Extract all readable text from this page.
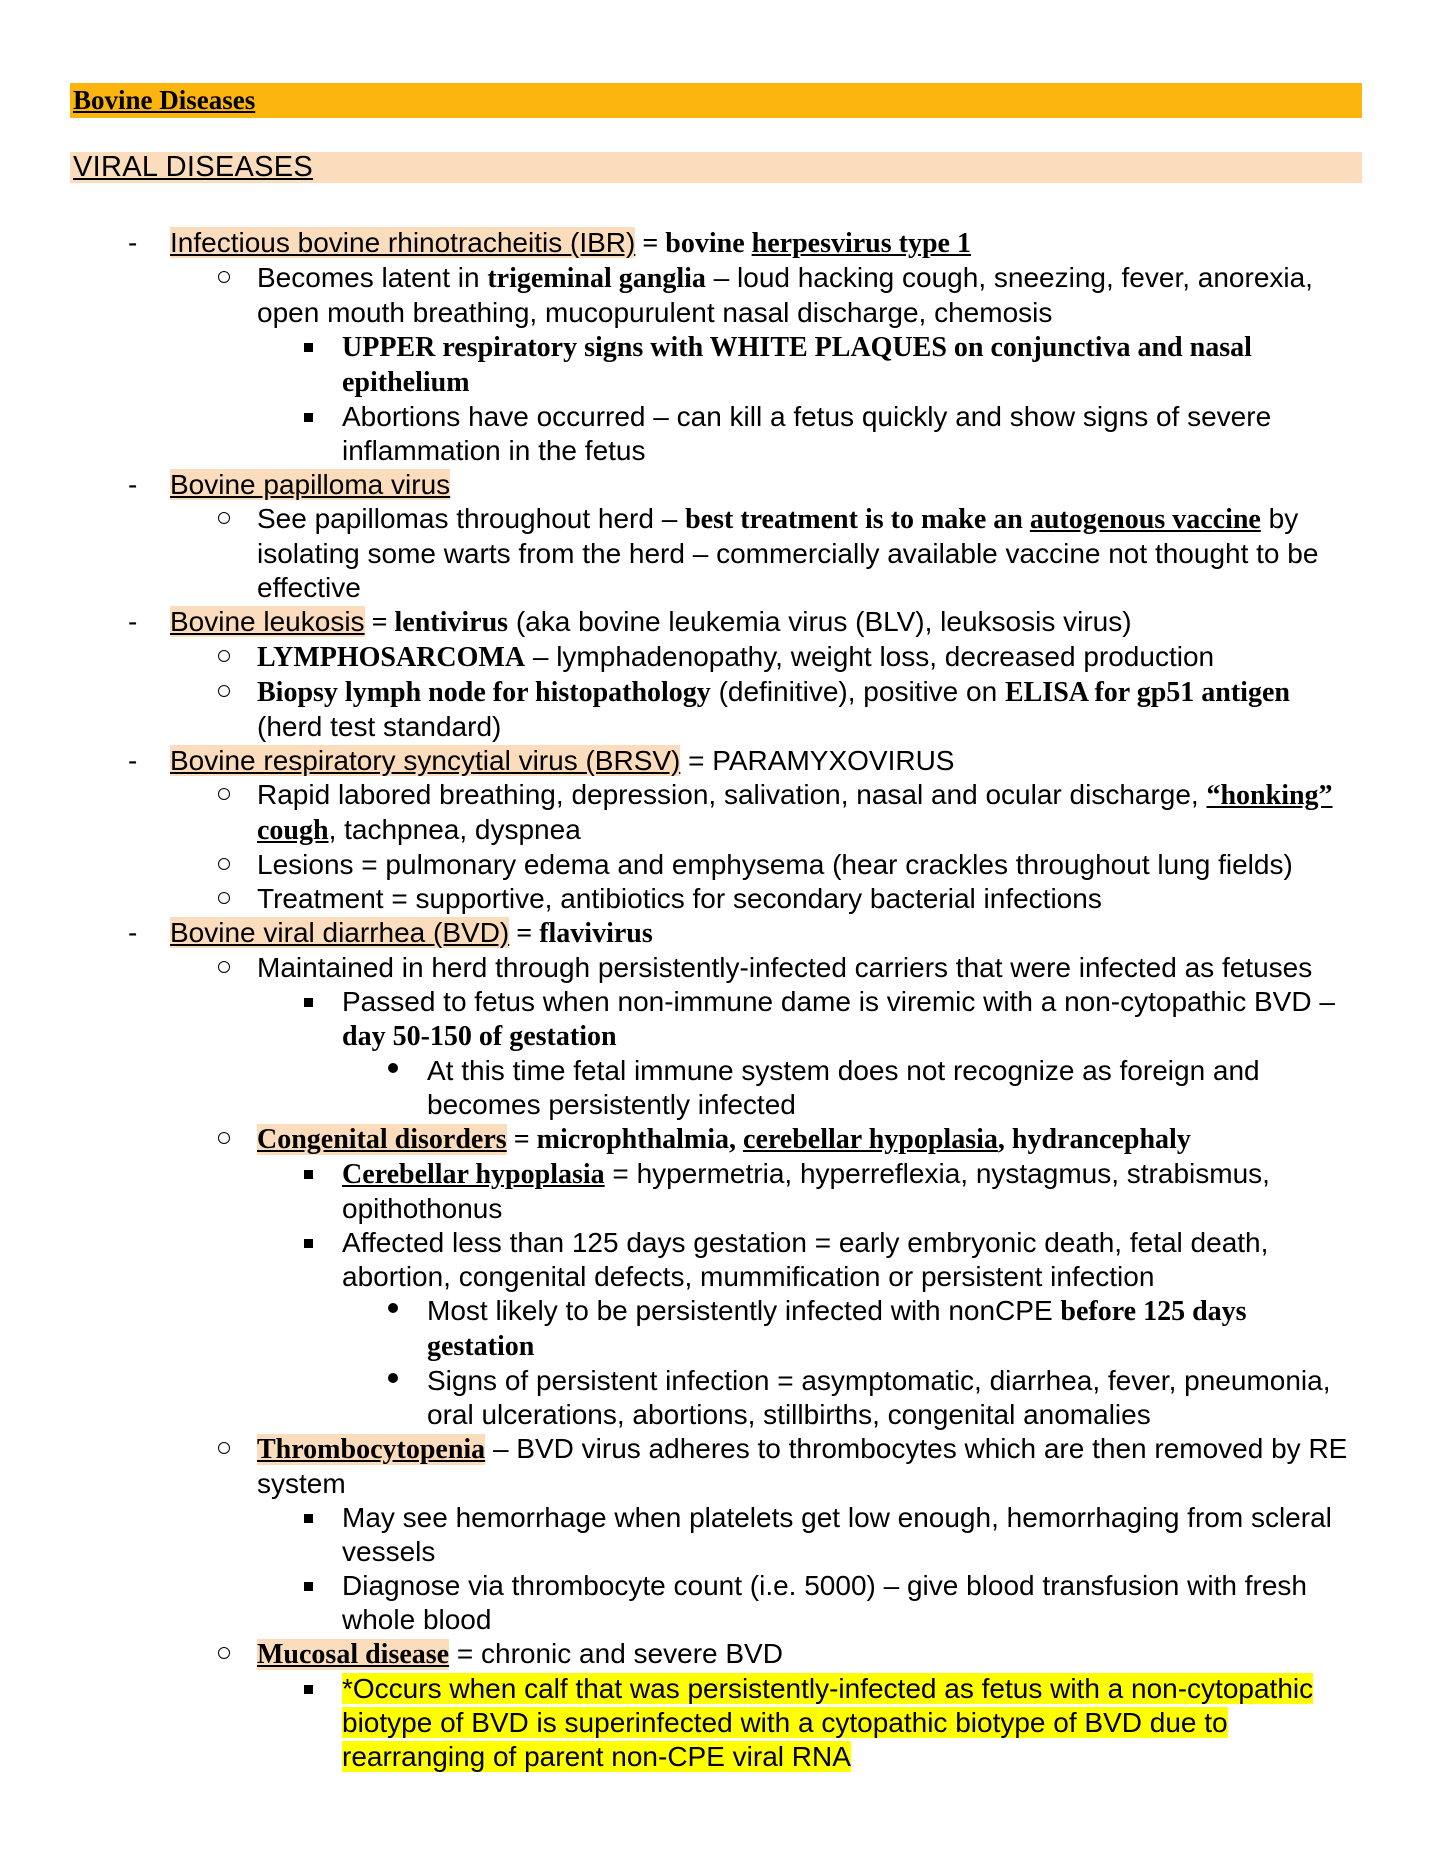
Bovine Diseases
VIRAL DISEASES
- Infectious bovine rhinotracheitis (IBR) = bovine herpesvirus type 1
Becomes latent in trigeminal ganglia – loud hacking cough, sneezing, fever, anorexia, open mouth breathing, mucopurulent nasal discharge, chemosis
UPPER respiratory signs with WHITE PLAQUES on conjunctiva and nasal epithelium
Abortions have occurred – can kill a fetus quickly and show signs of severe inflammation in the fetus
- Bovine papilloma virus
See papillomas throughout herd – best treatment is to make an autogenous vaccine by isolating some warts from the herd – commercially available vaccine not thought to be effective
- Bovine leukosis = lentivirus (aka bovine leukemia virus (BLV), leuksosis virus)
LYMPHOSARCOMA – lymphadenopathy, weight loss, decreased production
Biopsy lymph node for histopathology (definitive), positive on ELISA for gp51 antigen (herd test standard)
- Bovine respiratory syncytial virus (BRSV) = PARAMYXOVIRUS
Rapid labored breathing, depression, salivation, nasal and ocular discharge, “honking” cough, tachpnea, dyspnea
Lesions = pulmonary edema and emphysema (hear crackles throughout lung fields)
Treatment = supportive, antibiotics for secondary bacterial infections
- Bovine viral diarrhea (BVD) = flavivirus
Maintained in herd through persistently-infected carriers that were infected as fetuses
Passed to fetus when non-immune dame is viremic with a non-cytopathic BVD – day 50-150 of gestation
At this time fetal immune system does not recognize as foreign and becomes persistently infected
Congenital disorders = microphthalmia, cerebellar hypoplasia, hydrancephaly
Cerebellar hypoplasia = hypermetria, hyperreflexia, nystagmus, strabismus, opithothonus
Affected less than 125 days gestation = early embryonic death, fetal death, abortion, congenital defects, mummification or persistent infection
Most likely to be persistently infected with nonCPE before 125 days gestation
Signs of persistent infection = asymptomatic, diarrhea, fever, pneumonia, oral ulcerations, abortions, stillbirths, congenital anomalies
Thrombocytopenia – BVD virus adheres to thrombocytes which are then removed by RE system
May see hemorrhage when platelets get low enough, hemorrhaging from scleral vessels
Diagnose via thrombocyte count (i.e. 5000) – give blood transfusion with fresh whole blood
Mucosal disease = chronic and severe BVD
*Occurs when calf that was persistently-infected as fetus with a non-cytopathic biotype of BVD is superinfected with a cytopathic biotype of BVD due to rearranging of parent non-CPE viral RNA
